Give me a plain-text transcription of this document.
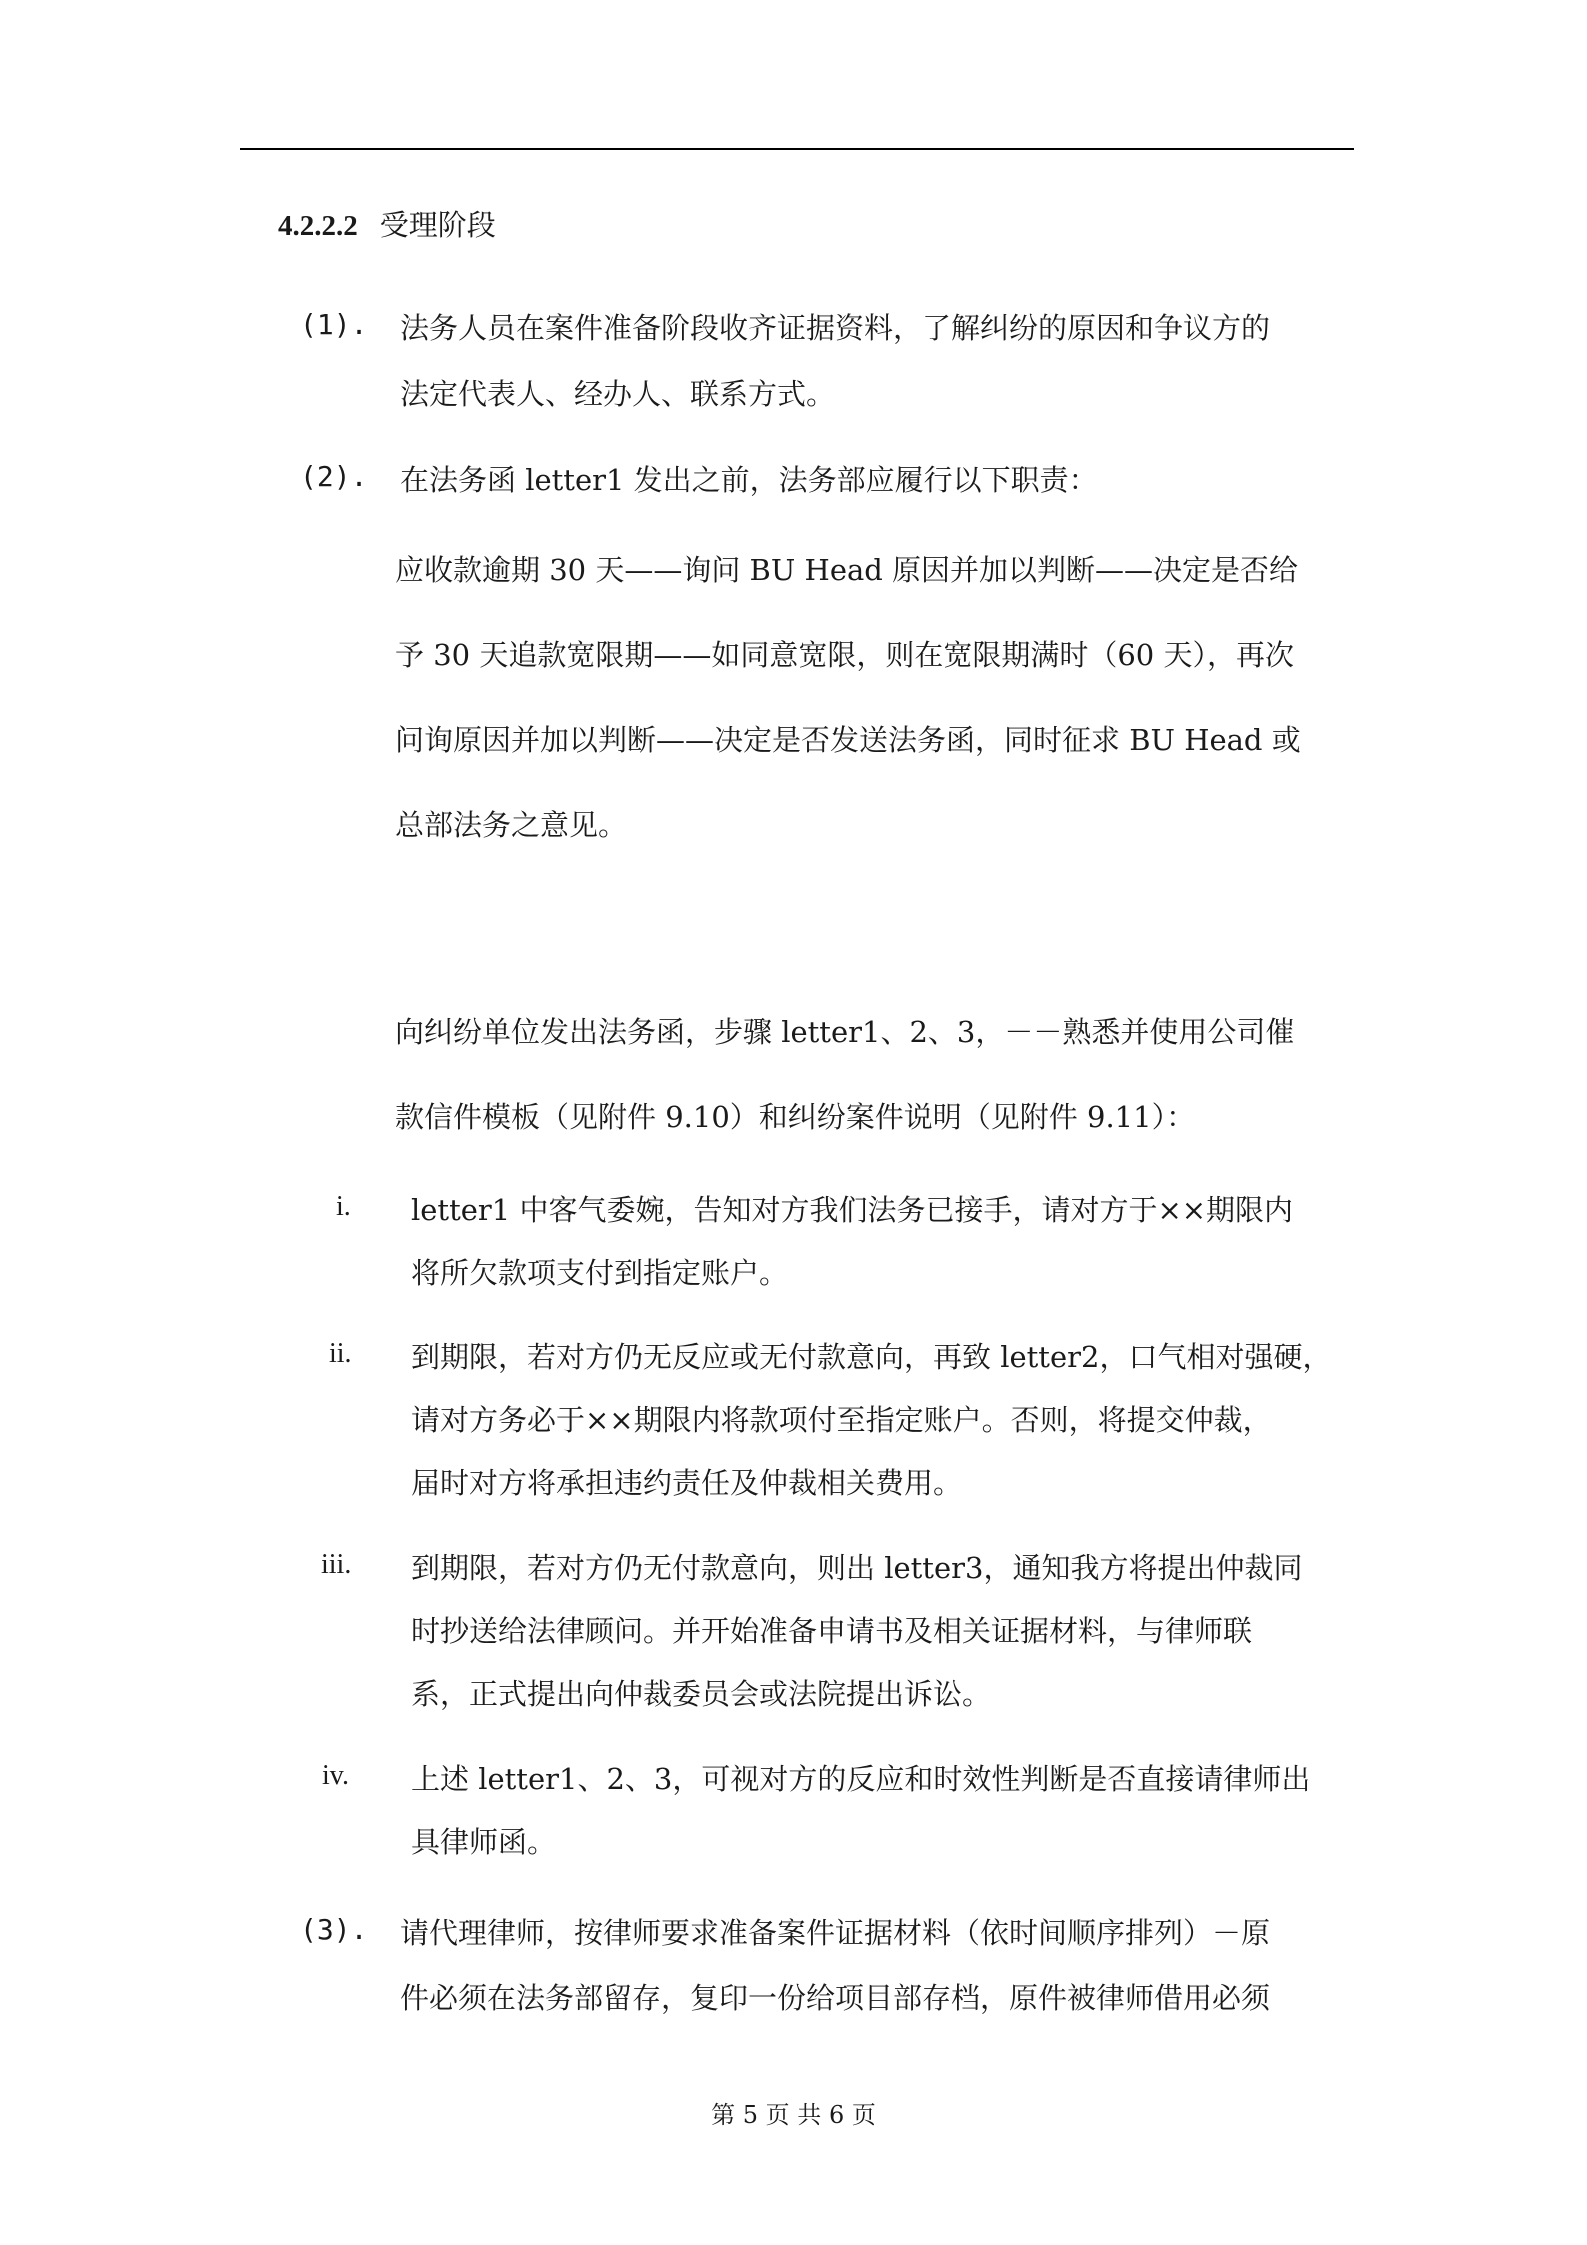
4.2.2.2 受理阶段
(1). 法务人员在案件准备阶段收齐证据资料，了解纠纷的原因和争议方的
法定代表人、经办人、联系方式。
(2). 在法务函 letter1 发出之前，法务部应履行以下职责：
应收款逾期 30 天——询问 BU Head 原因并加以判断——决定是否给
予 30 天追款宽限期——如同意宽限，则在宽限期满时（60 天），再次
问询原因并加以判断——决定是否发送法务函，同时征求 BU Head 或
总部法务之意见。
向纠纷单位发出法务函，步骤 letter1、2、3，－－熟悉并使用公司催
款信件模板（见附件 9.10）和纠纷案件说明（见附件 9.11）：
i. letter1 中客气委婉，告知对方我们法务已接手，请对方于××期限内
将所欠款项支付到指定账户。
ii. 到期限，若对方仍无反应或无付款意向，再致 letter2，口气相对强硬，
请对方务必于××期限内将款项付至指定账户。否则，将提交仲裁，
届时对方将承担违约责任及仲裁相关费用。
iii. 到期限，若对方仍无付款意向，则出 letter3，通知我方将提出仲裁同
时抄送给法律顾问。并开始准备申请书及相关证据材料，与律师联
系，正式提出向仲裁委员会或法院提出诉讼。
iv. 上述 letter1、2、3，可视对方的反应和时效性判断是否直接请律师出
具律师函。
(3). 请代理律师，按律师要求准备案件证据材料（依时间顺序排列）－原
件必须在法务部留存，复印一份给项目部存档，原件被律师借用必须
第 5 页 共 6 页
